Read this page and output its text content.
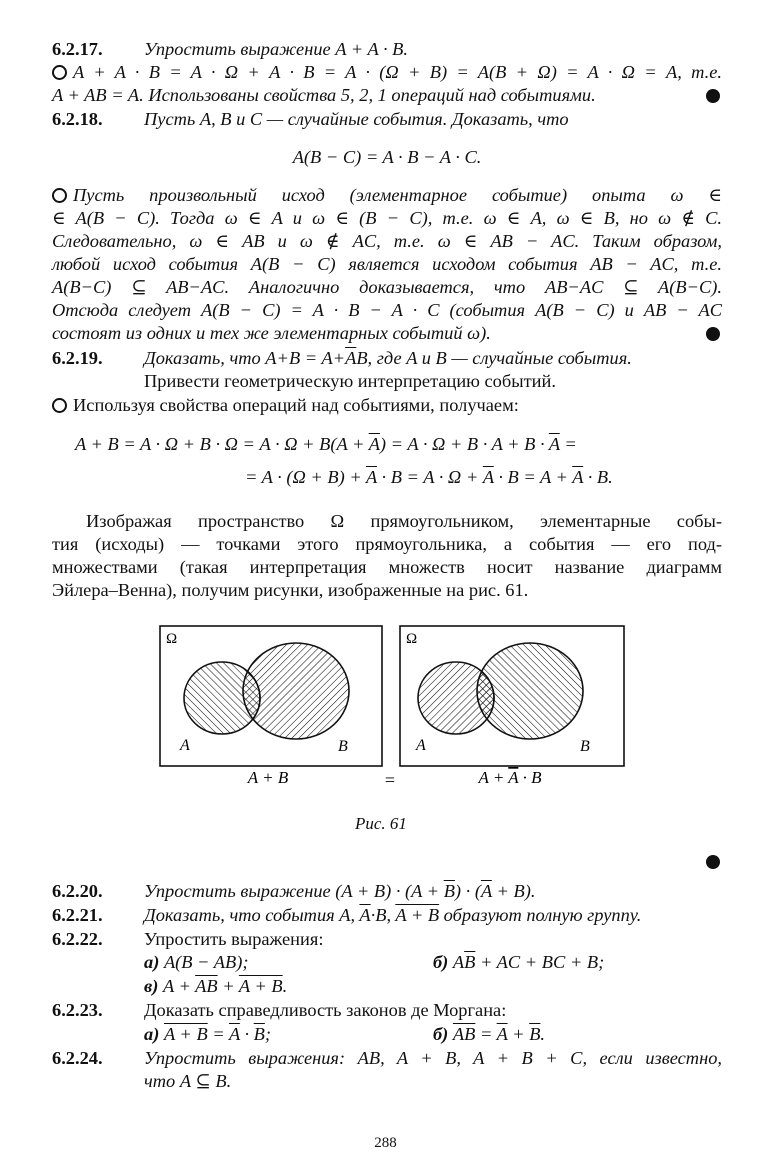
6.2.17. Упростить выражение A + A · B.
A + A · B = A · Ω + A · B = A · (Ω + B) = A(B + Ω) = A · Ω = A, т.е.
A + AB = A. Использованы свойства 5, 2, 1 операций над событиями.
6.2.18. Пусть A, B и C — случайные события. Доказать, что
A(B − C) = A · B − A · C.
Пусть произвольный исход (элементарное событие) опыта ω ∈
∈ A(B − C). Тогда ω ∈ A и ω ∈ (B − C), т.е. ω ∈ A, ω ∈ B, но ω ∉ C.
Следовательно, ω ∈ AB и ω ∉ AC, т.е. ω ∈ AB − AC. Таким образом,
любой исход события A(B − C) является исходом события AB − AC, т.е.
A(B−C) ⊆ AB−AC. Аналогично доказывается, что AB−AC ⊆ A(B−C).
Отсюда следует A(B − C) = A · B − A · C (события A(B − C) и AB − AC
состоят из одних и тех же элементарных событий ω).
6.2.19. Доказать, что $A+B = A+\overline{A}B$, где A и B — случайные события.
Привести геометрическую интерпретацию событий.
Используя свойства операций над событиями, получаем:
$A + B = A \cdot \Omega + B \cdot \Omega = A \cdot \Omega + B(A + \overline{A}) = A \cdot \Omega + B \cdot A + B \cdot \overline{A}$ =
= $A \cdot (\Omega + B) + \overline{A} \cdot B = A \cdot \Omega + \overline{A} \cdot B = A + \overline{A} \cdot B$.
Изображая пространство Ω прямоугольником, элементарные собы-
тия (исходы) — точками этого прямоугольника, а события — его под-
множествами (такая интерпретация множеств носит название диаграмм
Эйлера–Венна), получим рисунки, изображенные на рис. 61.
Ω
A	B
Ω
A	B
A + B	=	A + A · B
Рис. 61
6.2.20. Упростить выражение $(A + B) \cdot (A + \overline{B}) \cdot (\overline{A} + B)$.
6.2.21. Доказать, что события A, $\overline{A}\cdot B$, A + B образуют полную группу.
6.2.22. Упростить выражения:
а) A(B − AB);	б) $A\overline{B}$ + AC + BC + B;
в) $A + \overline{AB} + A + B$.
6.2.23. Доказать справедливость законов де Моргана:
а) $A + B = \overline{A} \cdot \overline{B}$;	б) $\overline{AB} = \overline{A} + \overline{B}$.
6.2.24. Упростить выражения: AB, A + B, A + B + C, если известно,
что A ⊆ B.
288
